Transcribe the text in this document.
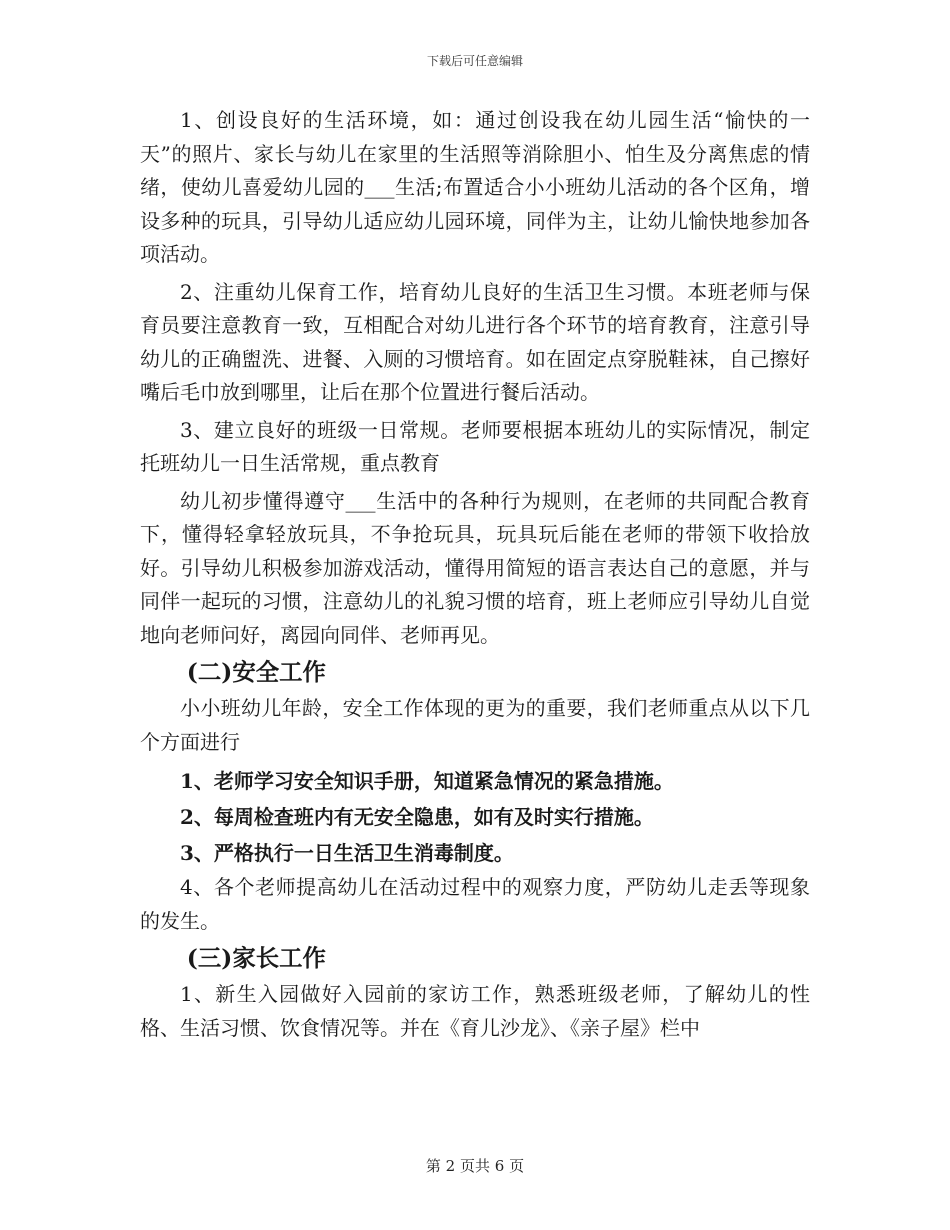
下载后可任意编辑

1、创设良好的生活环境，如：通过创设我在幼儿园生活“愉快的一天”的照片、家长与幼儿在家里的生活照等消除胆小、怕生及分离焦虑的情绪，使幼儿喜爱幼儿园的___生活;布置适合小小班幼儿活动的各个区角，增设多种的玩具，引导幼儿适应幼儿园环境，同伴为主，让幼儿愉快地参加各项活动。

2、注重幼儿保育工作，培育幼儿良好的生活卫生习惯。本班老师与保育员要注意教育一致，互相配合对幼儿进行各个环节的培育教育，注意引导幼儿的正确盥洗、进餐、入厕的习惯培育。如在固定点穿脱鞋袜，自己擦好嘴后毛巾放到哪里，让后在那个位置进行餐后活动。

3、建立良好的班级一日常规。老师要根据本班幼儿的实际情况，制定托班幼儿一日生活常规，重点教育

幼儿初步懂得遵守___生活中的各种行为规则，在老师的共同配合教育下，懂得轻拿轻放玩具，不争抢玩具，玩具玩后能在老师的带领下收拾放好。引导幼儿积极参加游戏活动，懂得用简短的语言表达自己的意愿，并与同伴一起玩的习惯，注意幼儿的礼貌习惯的培育，班上老师应引导幼儿自觉地向老师问好，离园向同伴、老师再见。

(二)安全工作

小小班幼儿年龄，安全工作体现的更为的重要，我们老师重点从以下几个方面进行

1、老师学习安全知识手册，知道紧急情况的紧急措施。

2、每周检查班内有无安全隐患，如有及时实行措施。

3、严格执行一日生活卫生消毒制度。

4、各个老师提高幼儿在活动过程中的观察力度，严防幼儿走丢等现象的发生。

(三)家长工作

1、新生入园做好入园前的家访工作，熟悉班级老师，了解幼儿的性格、生活习惯、饮食情况等。并在《育儿沙龙》、《亲子屋》栏中

第 2 页共 6 页
